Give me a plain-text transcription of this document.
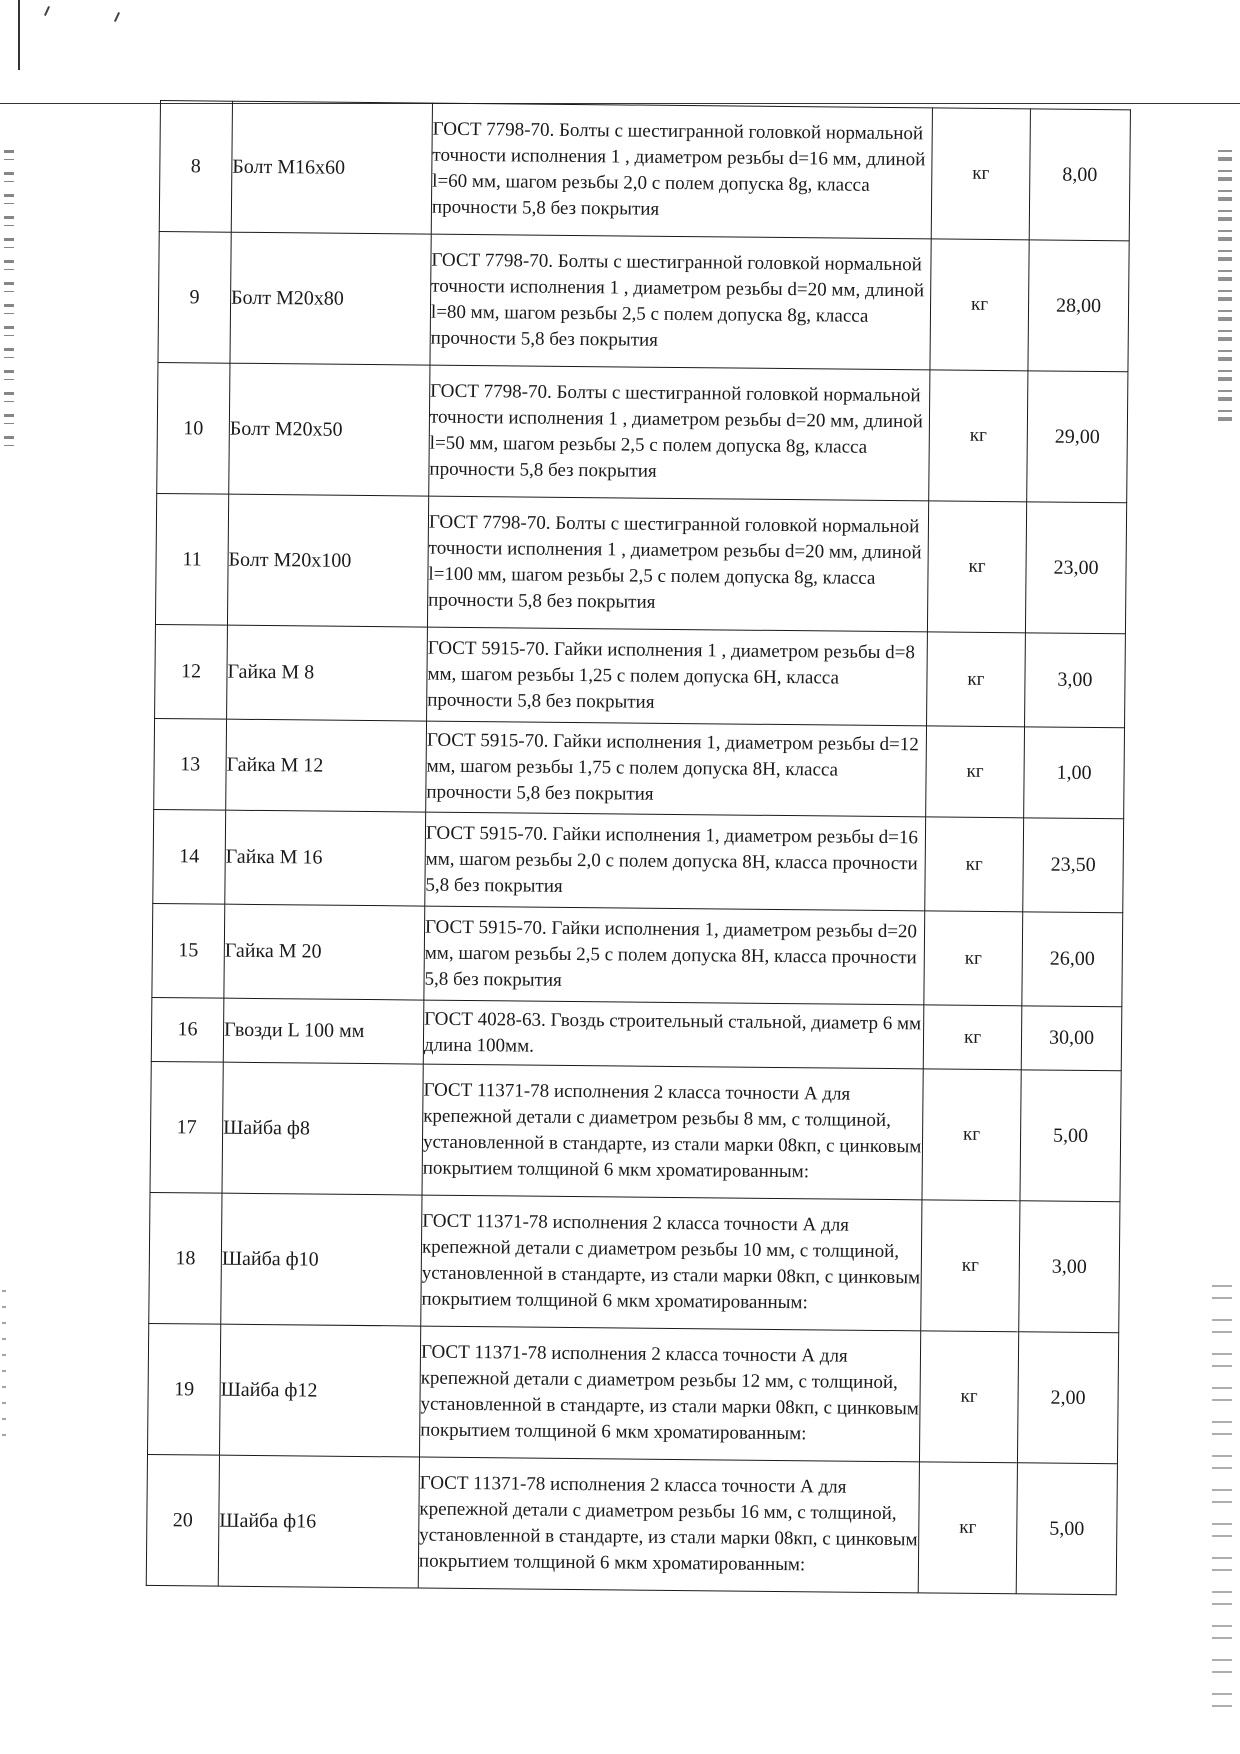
8	Болт М16х60	ГОСТ 7798-70. Болты с шестигранной головкой нормальной точности исполнения 1 , диаметром резьбы d=16 мм, длиной l=60 мм, шагом резьбы 2,0 с полем допуска 8g, класса прочности 5,8 без покрытия	кг	8,00
9	Болт М20х80	ГОСТ 7798-70. Болты с шестигранной головкой нормальной точности исполнения 1 , диаметром резьбы d=20 мм, длиной l=80 мм, шагом резьбы 2,5 с полем допуска 8g, класса прочности 5,8 без покрытия	кг	28,00
10	Болт М20х50	ГОСТ 7798-70. Болты с шестигранной головкой нормальной точности исполнения 1 , диаметром резьбы d=20 мм, длиной l=50 мм, шагом резьбы 2,5 с полем допуска 8g, класса прочности 5,8 без покрытия	кг	29,00
11	Болт М20х100	ГОСТ 7798-70. Болты с шестигранной головкой нормальной точности исполнения 1 , диаметром резьбы d=20 мм, длиной l=100 мм, шагом резьбы 2,5 с полем допуска 8g, класса прочности 5,8 без покрытия	кг	23,00
12	Гайка М 8	ГОСТ 5915-70. Гайки исполнения 1 , диаметром резьбы d=8 мм, шагом резьбы 1,25 с полем допуска 6Н, класса прочности 5,8 без покрытия	кг	3,00
13	Гайка М 12	ГОСТ 5915-70. Гайки исполнения 1, диаметром резьбы d=12 мм, шагом резьбы 1,75 с полем допуска 8Н, класса прочности 5,8 без покрытия	кг	1,00
14	Гайка М 16	ГОСТ 5915-70. Гайки исполнения 1, диаметром резьбы d=16 мм, шагом резьбы 2,0 с полем допуска 8Н, класса прочности 5,8 без покрытия	кг	23,50
15	Гайка М 20	ГОСТ 5915-70. Гайки исполнения 1, диаметром резьбы d=20 мм, шагом резьбы 2,5 с полем допуска 8Н, класса прочности 5,8 без покрытия	кг	26,00
16	Гвозди L 100 мм	ГОСТ 4028-63. Гвоздь строительный стальной, диаметр 6 мм длина 100мм.	кг	30,00
17	Шайба ф8	ГОСТ 11371-78 исполнения 2 класса точности А для крепежной детали с диаметром резьбы 8 мм, с толщиной, установленной в стандарте, из стали марки 08кп, с цинковым покрытием толщиной 6 мкм хроматированным:	кг	5,00
18	Шайба ф10	ГОСТ 11371-78 исполнения 2 класса точности А для крепежной детали с диаметром резьбы 10 мм, с толщиной, установленной в стандарте, из стали марки 08кп, с цинковым покрытием толщиной 6 мкм хроматированным:	кг	3,00
19	Шайба ф12	ГОСТ 11371-78 исполнения 2 класса точности А для крепежной детали с диаметром резьбы 12 мм, с толщиной, установленной в стандарте, из стали марки 08кп, с цинковым покрытием толщиной 6 мкм хроматированным:	кг	2,00
20	Шайба ф16	ГОСТ 11371-78 исполнения 2 класса точности А для крепежной детали с диаметром резьбы 16 мм, с толщиной, установленной в стандарте, из стали марки 08кп, с цинковым покрытием толщиной 6 мкм хроматированным:	кг	5,00
